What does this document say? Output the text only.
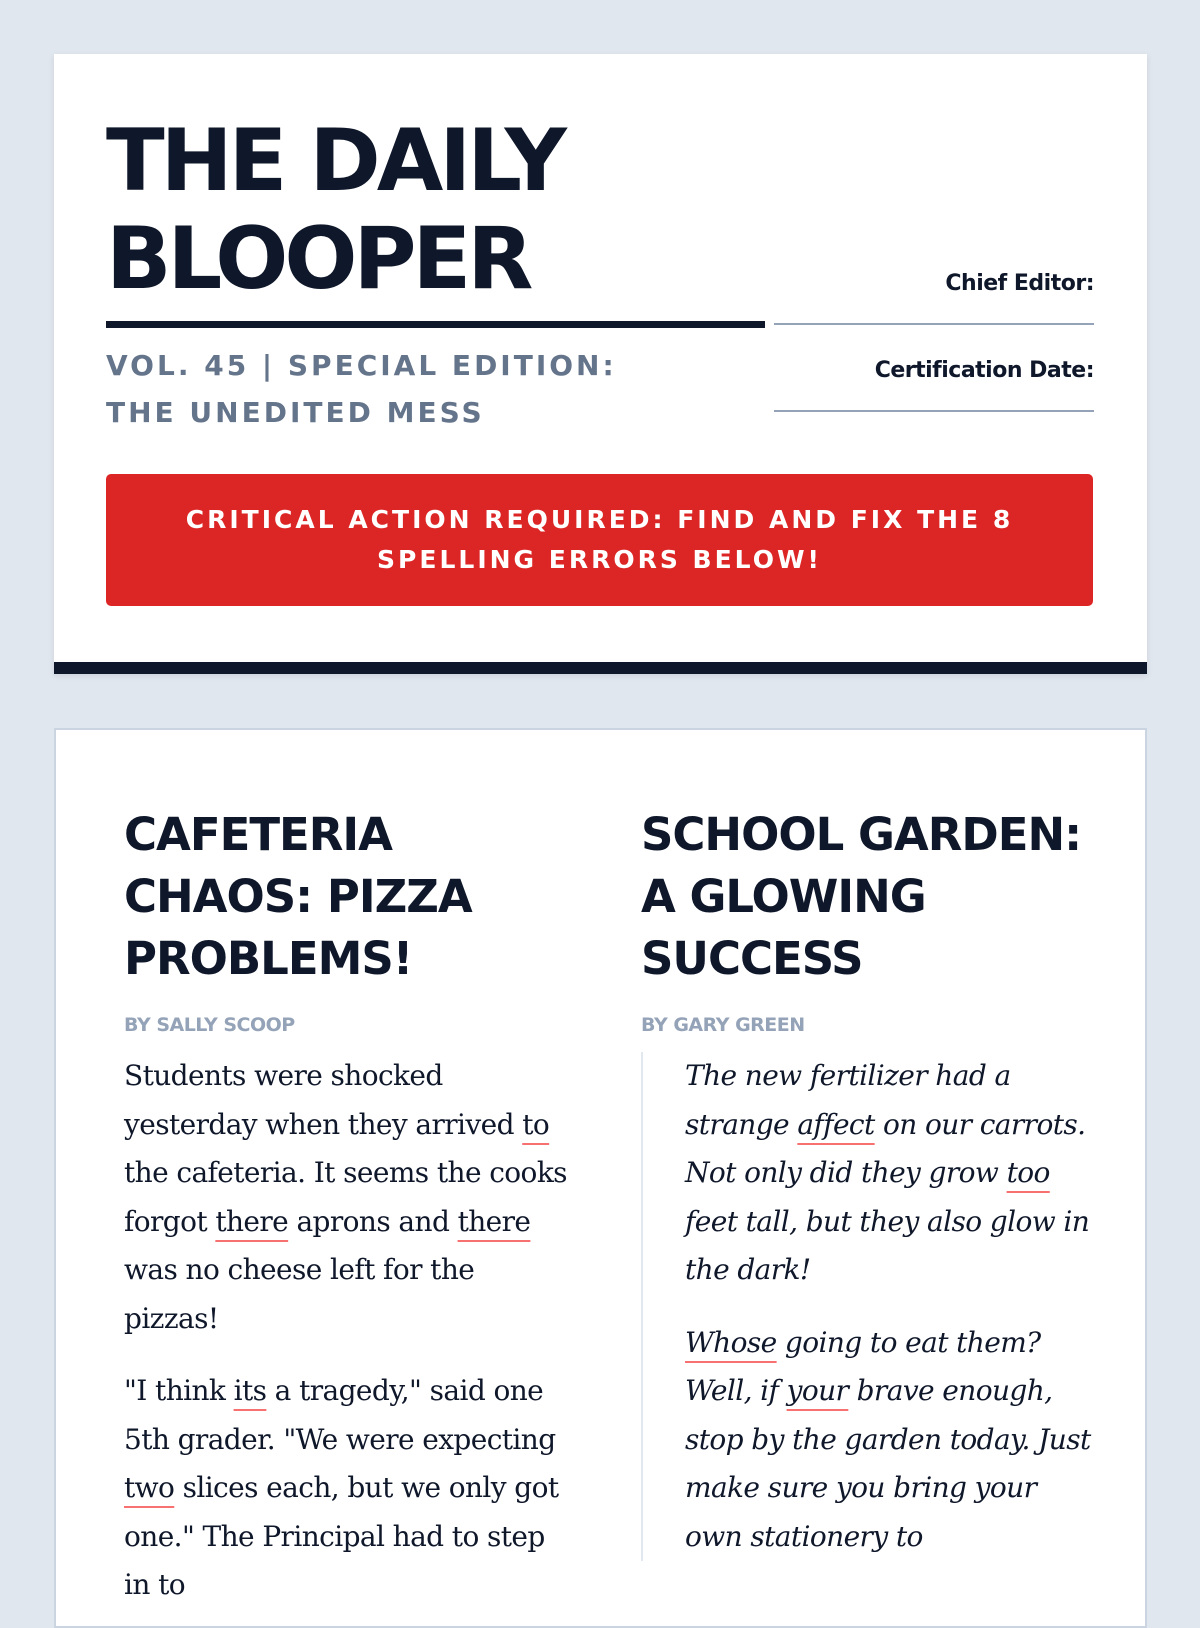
THE DAILY
BLOOPER
VOL. 45 | SPECIAL EDITION: THE UNEDITED MESS
Chief Editor:
Certification Date:
CRITICAL ACTION REQUIRED: FIND AND FIX THE 8 SPELLING ERRORS BELOW!
CAFETERIA CHAOS: PIZZA PROBLEMS!
BY SALLY SCOOP

Students were shocked yesterday when they arrived to the cafeteria. It seems the cooks forgot there aprons and there was no cheese left for the pizzas!

"I think its a tragedy," said one 5th grader. "We were expecting two slices each, but we only got one." The Principal had to step in to

SCHOOL GARDEN: A GLOWING SUCCESS
BY GARY GREEN

The new fertilizer had a strange affect on our carrots. Not only did they grow too feet tall, but they also glow in the dark!

Whose going to eat them? Well, if your brave enough, stop by the garden today. Just make sure you bring your own stationery to
